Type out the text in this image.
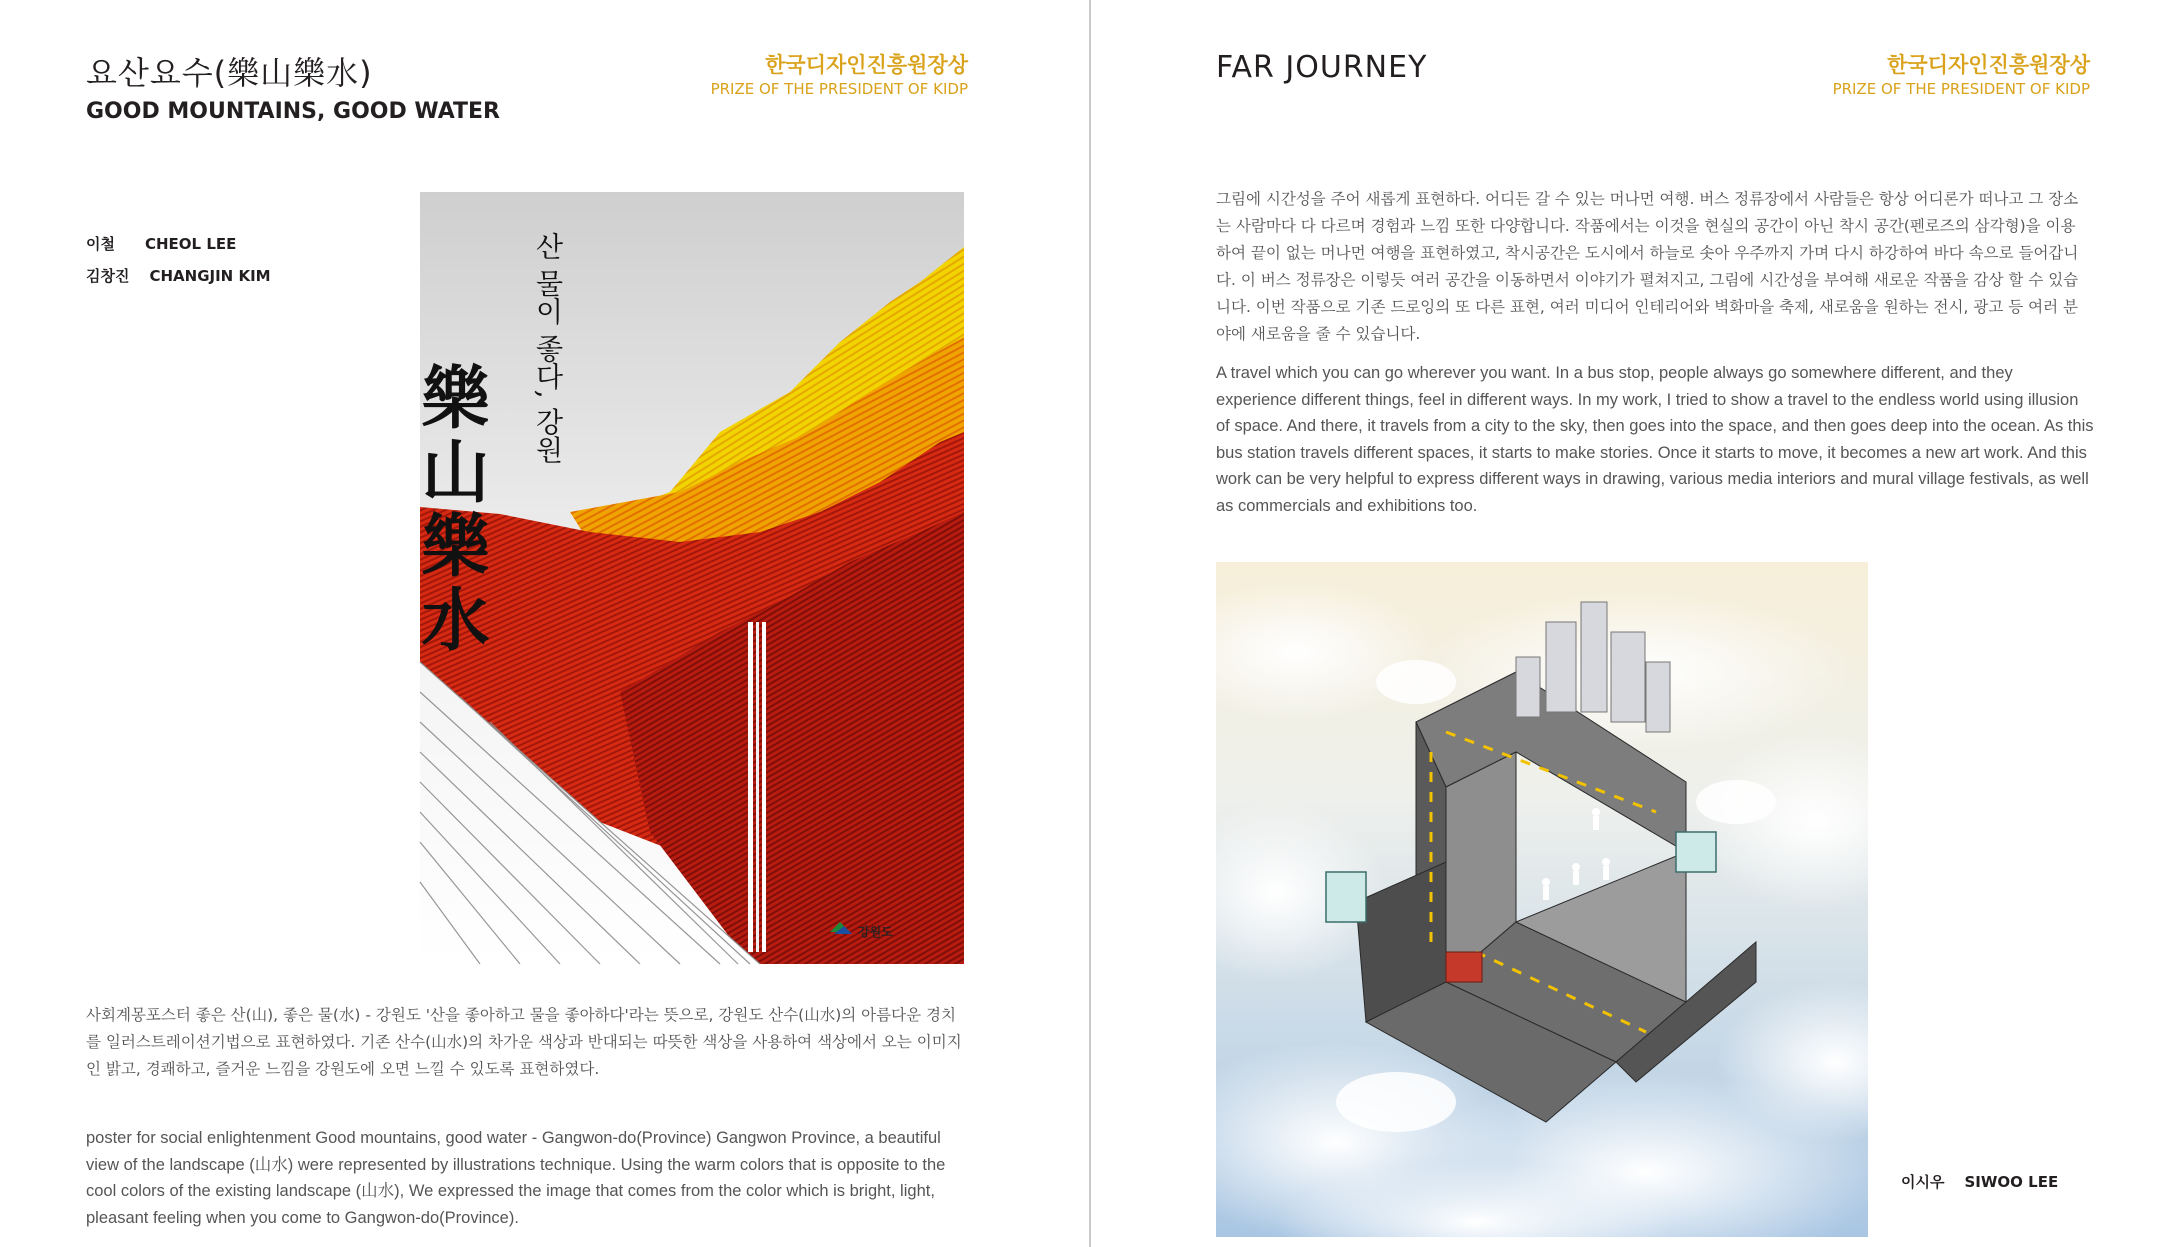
요산요수(樂山樂水)
GOOD MOUNTAINS, GOOD WATER
한국디자인진흥원장상
PRIZE OF THE PRESIDENT OF KIDP
이철 CHEOL LEE
김창진 CHANGJIN KIM
강원도
樂山樂水
산 물이 좋다, 강원

사회계몽포스터 좋은 산(山), 좋은 물(水) - 강원도 '산을 좋아하고 물을 좋아하다'라는 뜻으로, 강원도 산수(山水)의 아름다운 경치를 일러스트레이션기법으로 표현하였다. 기존 산수(山水)의 차가운 색상과 반대되는 따뜻한 색상을 사용하여 색상에서 오는 이미지인 밝고, 경쾌하고, 즐거운 느낌을 강원도에 오면 느낄 수 있도록 표현하였다.

poster for social enlightenment Good mountains, good water - Gangwon-do(Province) Gangwon Province, a beautiful view of the landscape (山水) were represented by illustrations technique. Using the warm colors that is opposite to the cool colors of the existing landscape (山水), We expressed the image that comes from the color which is bright, light, pleasant feeling when you come to Gangwon-do(Province).

FAR JOURNEY	한국디자인진흥원장상
PRIZE OF THE PRESIDENT OF KIDP

그림에 시간성을 주어 새롭게 표현하다. 어디든 갈 수 있는 머나먼 여행. 버스 정류장에서 사람들은 항상 어디론가 떠나고 그 장소는 사람마다 다 다르며 경험과 느낌 또한 다양합니다. 작품에서는 이것을 현실의 공간이 아닌 착시 공간(펜로즈의 삼각형)을 이용하여 끝이 없는 머나먼 여행을 표현하였고, 착시공간은 도시에서 하늘로 솟아 우주까지 가며 다시 하강하여 바다 속으로 들어갑니다. 이 버스 정류장은 이렇듯 여러 공간을 이동하면서 이야기가 펼쳐지고, 그림에 시간성을 부여해 새로운 작품을 감상 할 수 있습니다. 이번 작품으로 기존 드로잉의 또 다른 표현, 여러 미디어 인테리어와 벽화마을 축제, 새로움을 원하는 전시, 광고 등 여러 분야에 새로움을 줄 수 있습니다.

A travel which you can go wherever you want. In a bus stop, people always go somewhere different, and they experience different things, feel in different ways. In my work, I tried to show a travel to the endless world using illusion of space. And there, it travels from a city to the sky, then goes into the space, and then goes deep into the ocean. As this bus station travels different spaces, it starts to make stories. Once it starts to move, it becomes a new art work. And this work can be very helpful to express different ways in drawing, various media interiors and mural village festivals, as well as commercials and exhibitions too.

이시우 SIWOO LEE
